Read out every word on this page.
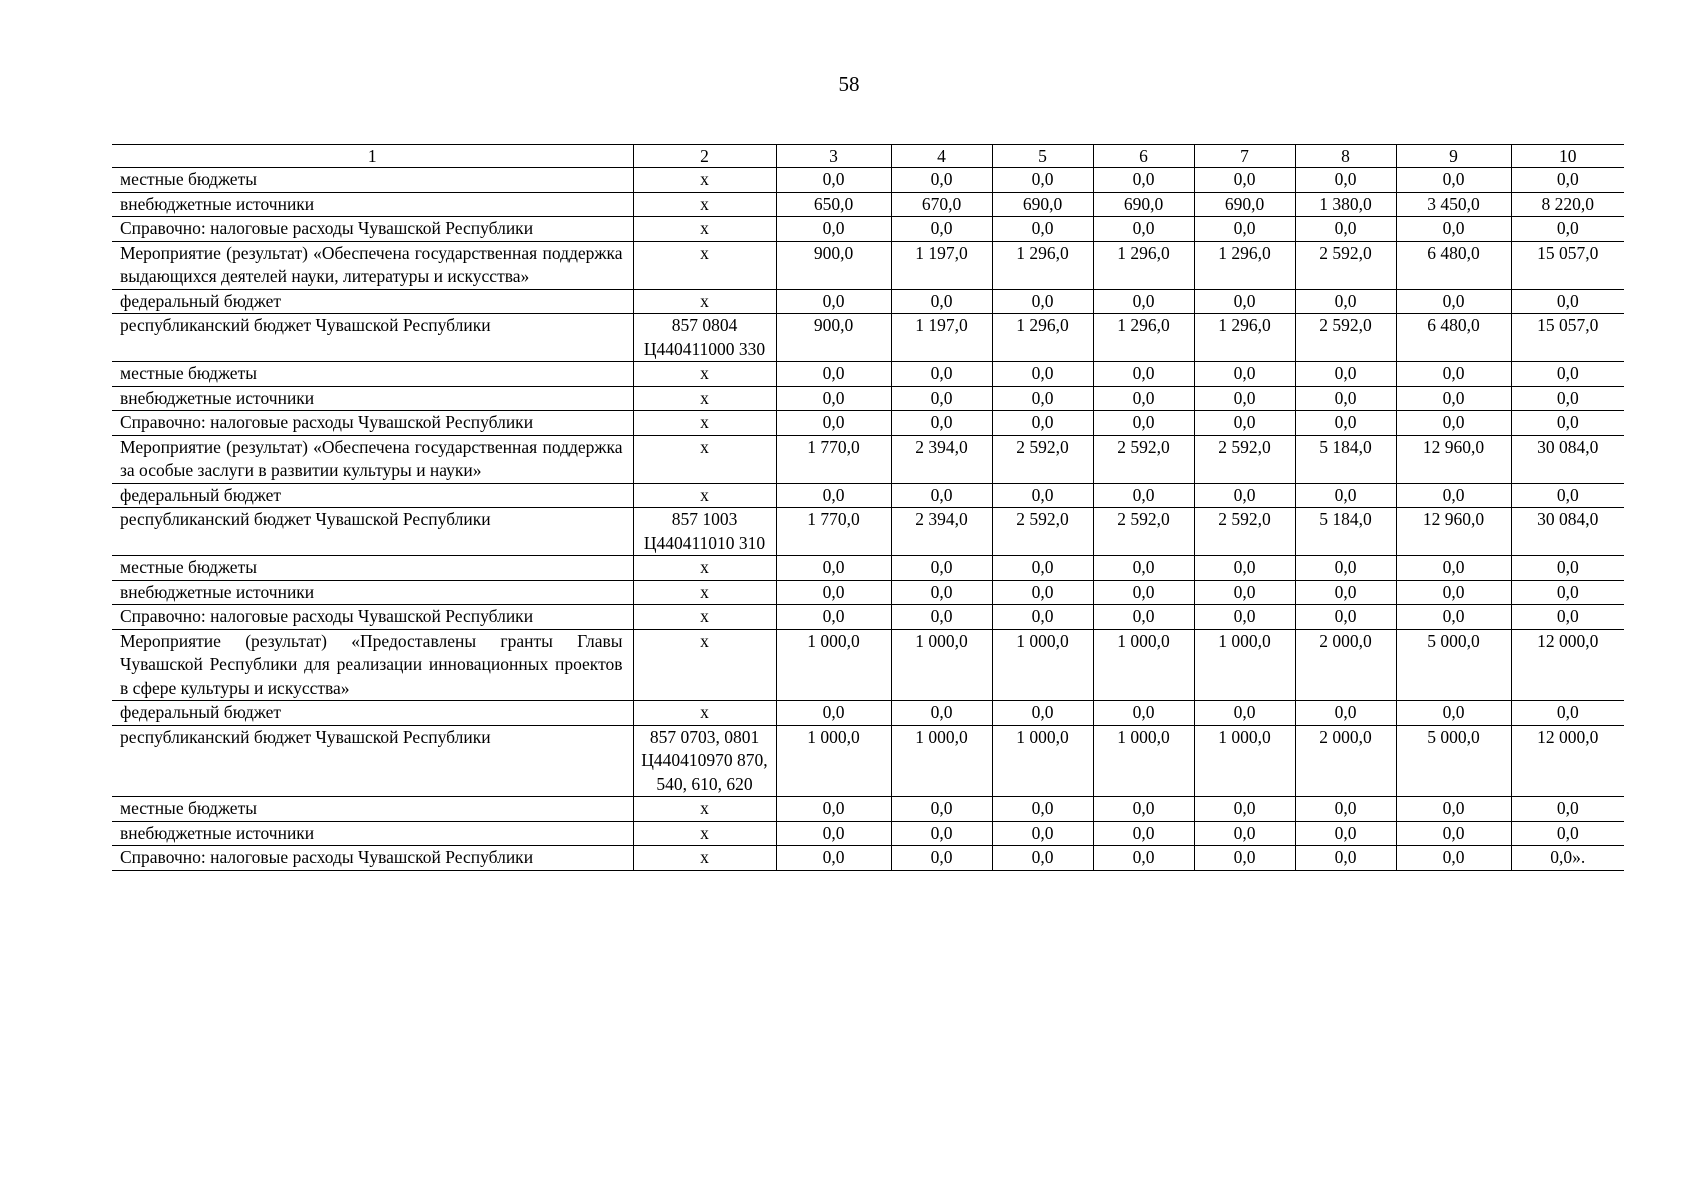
58
1	2	3	4	5	6	7	8	9	10
местные бюджеты	х	0,0	0,0	0,0	0,0	0,0	0,0	0,0	0,0
внебюджетные источники	х	650,0	670,0	690,0	690,0	690,0	1 380,0	3 450,0	8 220,0
Справочно: налоговые расходы Чувашской Республики	х	0,0	0,0	0,0	0,0	0,0	0,0	0,0	0,0
Мероприятие (результат) «Обеспечена государственная поддержка выдающихся деятелей науки, литературы и искусства»	х	900,0	1 197,0	1 296,0	1 296,0	1 296,0	2 592,0	6 480,0	15 057,0
федеральный бюджет	х	0,0	0,0	0,0	0,0	0,0	0,0	0,0	0,0
республиканский бюджет Чувашской Республики	857 0804 Ц440411000 330	900,0	1 197,0	1 296,0	1 296,0	1 296,0	2 592,0	6 480,0	15 057,0
местные бюджеты	х	0,0	0,0	0,0	0,0	0,0	0,0	0,0	0,0
внебюджетные источники	х	0,0	0,0	0,0	0,0	0,0	0,0	0,0	0,0
Справочно: налоговые расходы Чувашской Республики	х	0,0	0,0	0,0	0,0	0,0	0,0	0,0	0,0
Мероприятие (результат) «Обеспечена государственная поддержка за особые заслуги в развитии культуры и науки»	х	1 770,0	2 394,0	2 592,0	2 592,0	2 592,0	5 184,0	12 960,0	30 084,0
федеральный бюджет	х	0,0	0,0	0,0	0,0	0,0	0,0	0,0	0,0
республиканский бюджет Чувашской Республики	857 1003 Ц440411010 310	1 770,0	2 394,0	2 592,0	2 592,0	2 592,0	5 184,0	12 960,0	30 084,0
местные бюджеты	х	0,0	0,0	0,0	0,0	0,0	0,0	0,0	0,0
внебюджетные источники	х	0,0	0,0	0,0	0,0	0,0	0,0	0,0	0,0
Справочно: налоговые расходы Чувашской Республики	х	0,0	0,0	0,0	0,0	0,0	0,0	0,0	0,0
Мероприятие (результат) «Предоставлены гранты Главы Чувашской Республики для реализации инновационных проектов в сфере культуры и искусства»	х	1 000,0	1 000,0	1 000,0	1 000,0	1 000,0	2 000,0	5 000,0	12 000,0
федеральный бюджет	х	0,0	0,0	0,0	0,0	0,0	0,0	0,0	0,0
республиканский бюджет Чувашской Республики	857 0703, 0801 Ц440410970 870, 540, 610, 620	1 000,0	1 000,0	1 000,0	1 000,0	1 000,0	2 000,0	5 000,0	12 000,0
местные бюджеты	х	0,0	0,0	0,0	0,0	0,0	0,0	0,0	0,0
внебюджетные источники	х	0,0	0,0	0,0	0,0	0,0	0,0	0,0	0,0
Справочно: налоговые расходы Чувашской Республики	х	0,0	0,0	0,0	0,0	0,0	0,0	0,0	0,0».
